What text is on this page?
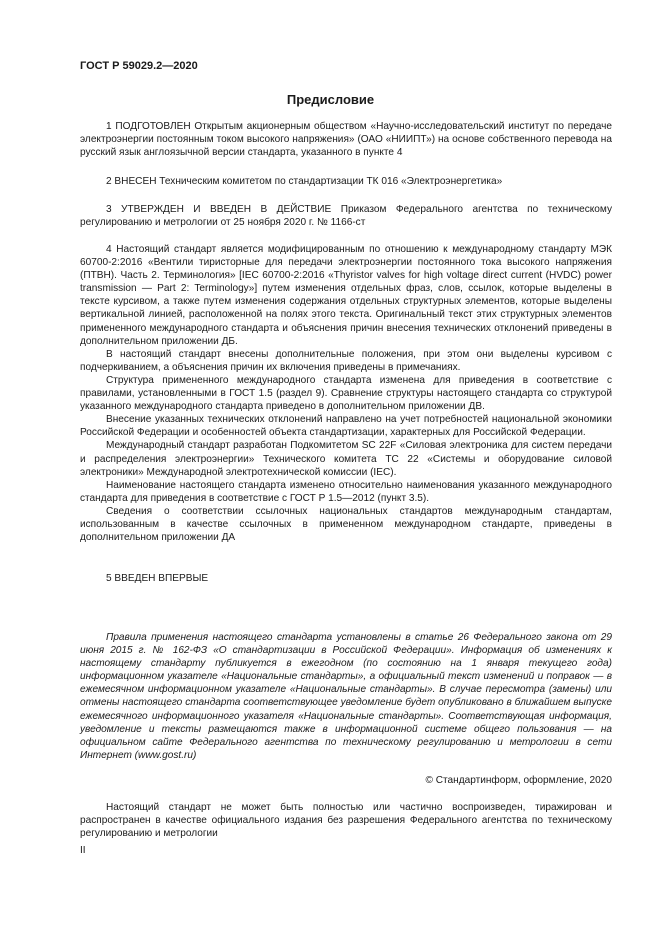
ГОСТ Р 59029.2—2020
Предисловие

1 ПОДГОТОВЛЕН Открытым акционерным обществом «Научно-исследовательский институт по передаче электроэнергии постоянным током высокого напряжения» (ОАО «НИИПТ») на основе собственного перевода на русский язык англоязычной версии стандарта, указанного в пункте 4

2 ВНЕСЕН Техническим комитетом по стандартизации ТК 016 «Электроэнергетика»

3 УТВЕРЖДЕН И ВВЕДЕН В ДЕЙСТВИЕ Приказом Федерального агентства по техническому регулированию и метрологии от 25 ноября 2020 г. № 1166-ст

4 Настоящий стандарт является модифицированным по отношению к международному стандарту МЭК 60700-2:2016 «Вентили тиристорные для передачи электроэнергии постоянного тока высокого напряжения (ПТВН). Часть 2. Терминология» [IEC 60700-2:2016 «Thyristor valves for high voltage direct current (HVDC) power transmission — Part 2: Terminology»] путем изменения отдельных фраз, слов, ссылок, которые выделены в тексте курсивом, а также путем изменения содержания отдельных структурных элементов, которые выделены вертикальной линией, расположенной на полях этого текста. Оригинальный текст этих структурных элементов примененного международного стандарта и объяснения причин внесения технических отклонений приведены в дополнительном приложении ДБ.

В настоящий стандарт внесены дополнительные положения, при этом они выделены курсивом с подчеркиванием, а объяснения причин их включения приведены в примечаниях.

Структура примененного международного стандарта изменена для приведения в соответствие с правилами, установленными в ГОСТ 1.5 (раздел 9). Сравнение структуры настоящего стандарта со структурой указанного международного стандарта приведено в дополнительном приложении ДВ.

Внесение указанных технических отклонений направлено на учет потребностей национальной экономики Российской Федерации и особенностей объекта стандартизации, характерных для Российской Федерации.

Международный стандарт разработан Подкомитетом SC 22F «Силовая электроника для систем передачи и распределения электроэнергии» Технического комитета TC 22 «Системы и оборудование силовой электроники» Международной электротехнической комиссии (IEC).

Наименование настоящего стандарта изменено относительно наименования указанного международного стандарта для приведения в соответствие с ГОСТ Р 1.5—2012 (пункт 3.5).

Сведения о соответствии ссылочных национальных стандартов международным стандартам, использованным в качестве ссылочных в примененном международном стандарте, приведены в дополнительном приложении ДА

5 ВВЕДЕН ВПЕРВЫЕ

Правила применения настоящего стандарта установлены в статье 26 Федерального закона от 29 июня 2015 г. № 162-ФЗ «О стандартизации в Российской Федерации». Информация об изменениях к настоящему стандарту публикуется в ежегодном (по состоянию на 1 января текущего года) информационном указателе «Национальные стандарты», а официальный текст изменений и поправок — в ежемесячном информационном указателе «Национальные стандарты». В случае пересмотра (замены) или отмены настоящего стандарта соответствующее уведомление будет опубликовано в ближайшем выпуске ежемесячного информационного указателя «Национальные стандарты». Соответствующая информация, уведомление и тексты размещаются также в информационной системе общего пользования — на официальном сайте Федерального агентства по техническому регулированию и метрологии в сети Интернет (www.gost.ru)

© Стандартинформ, оформление, 2020

Настоящий стандарт не может быть полностью или частично воспроизведен, тиражирован и распространен в качестве официального издания без разрешения Федерального агентства по техническому регулированию и метрологии

II
